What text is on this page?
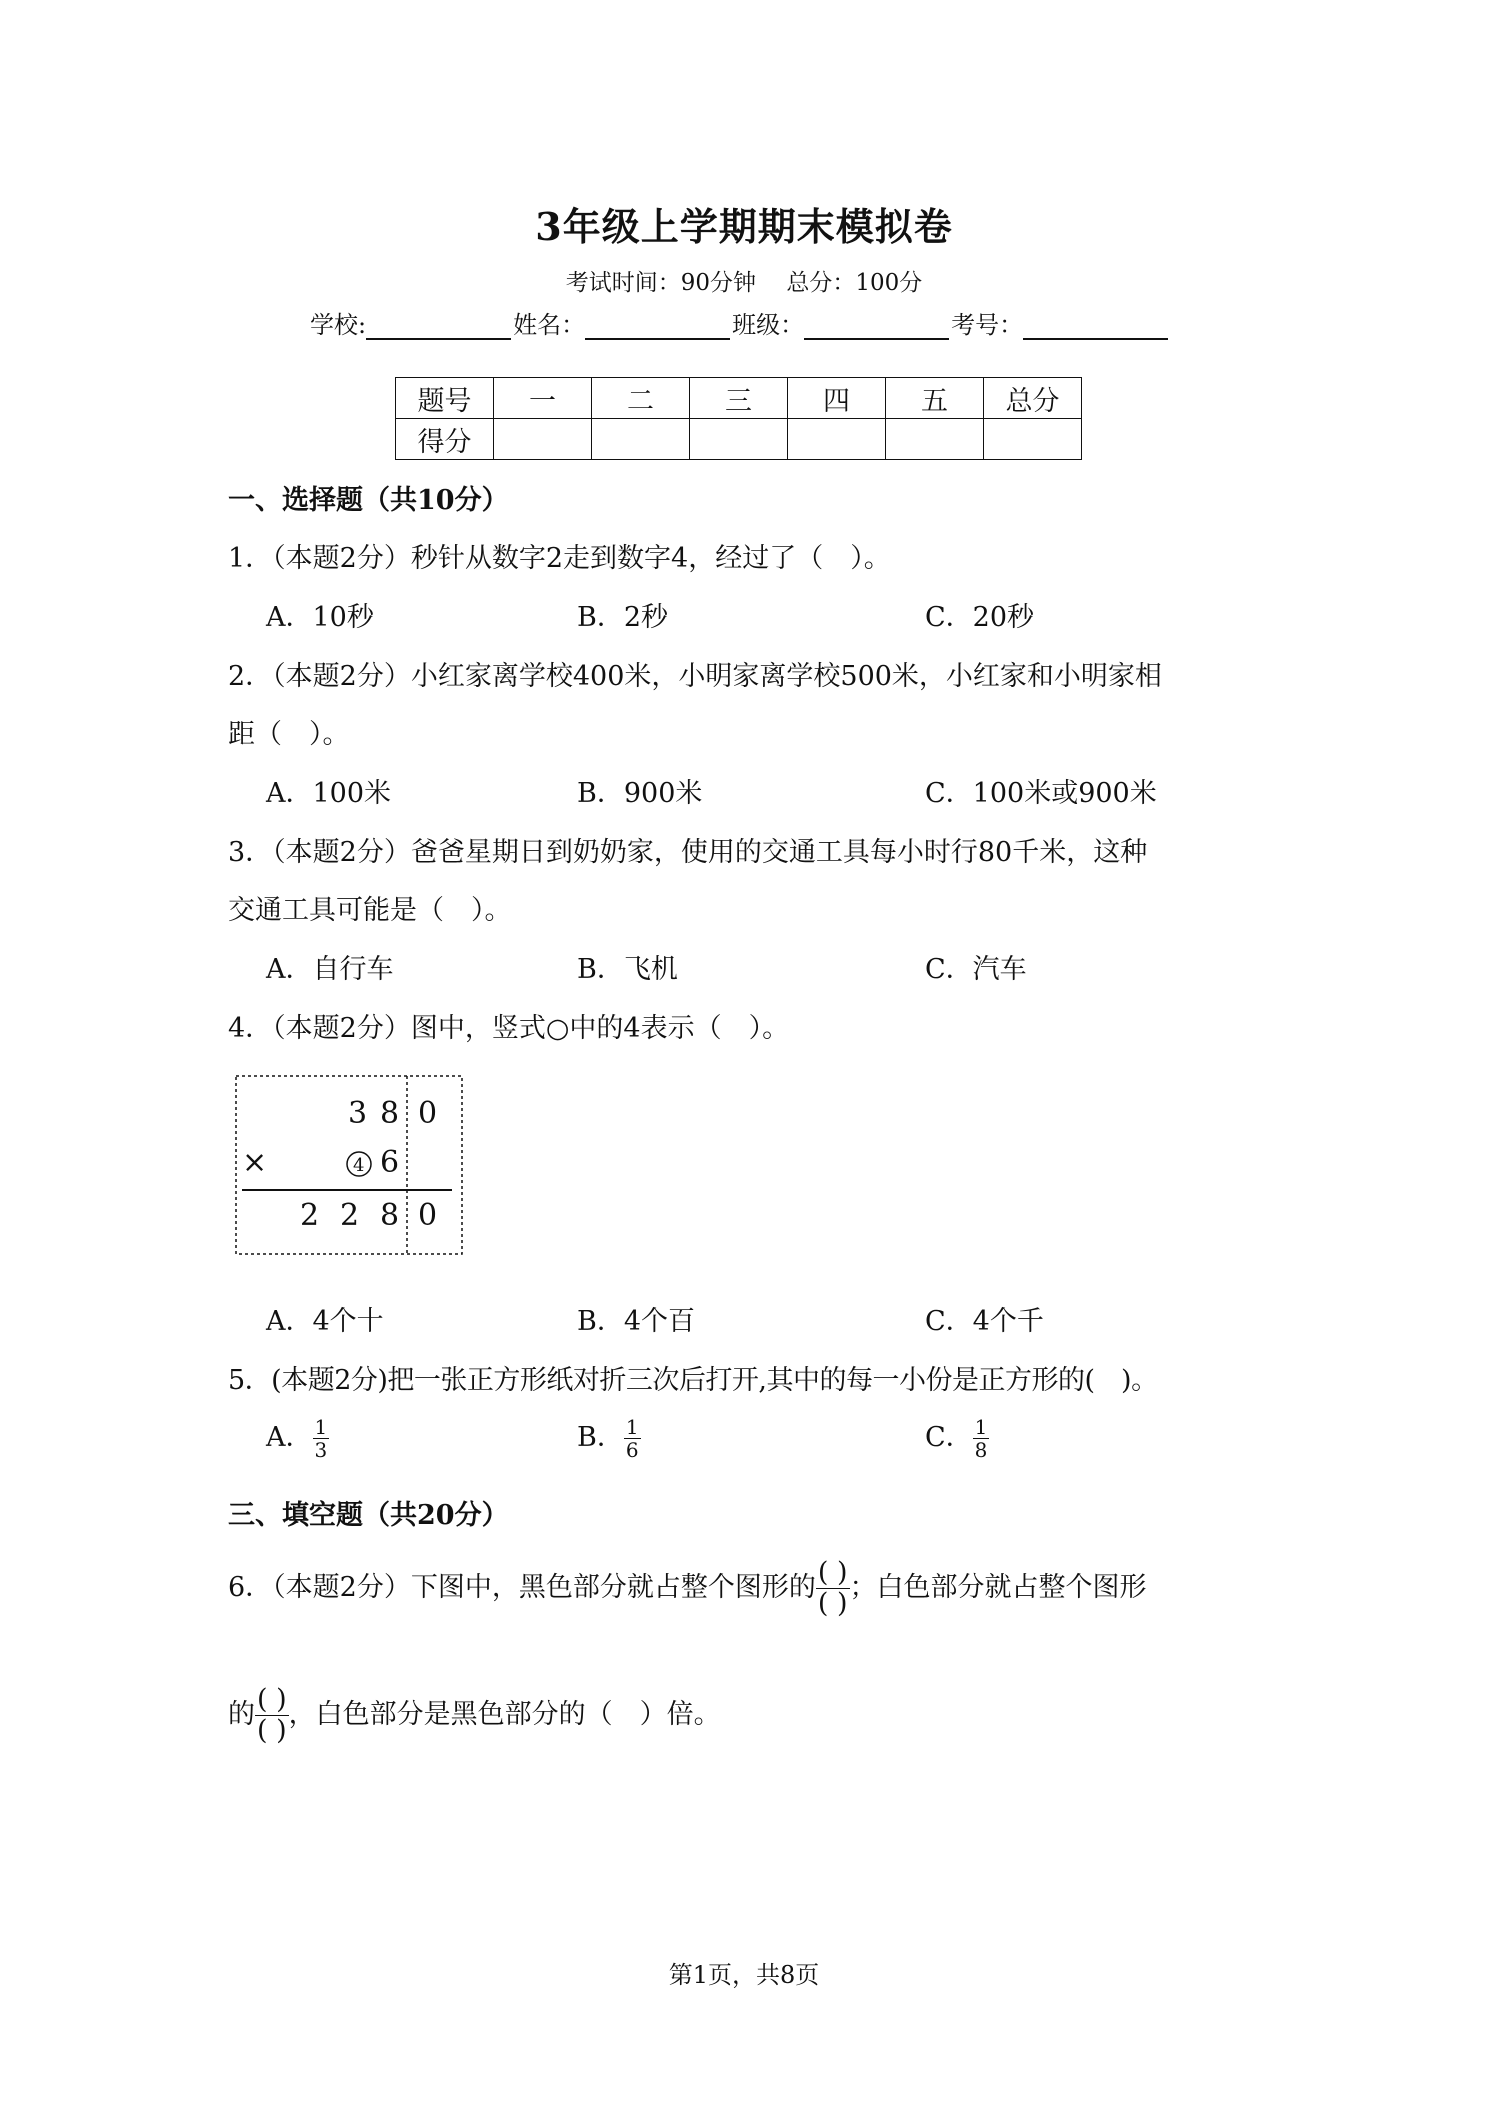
3年级上学期期末模拟卷
考试时间：90分钟　 总分：100分
学校:	姓名：	班级：	考号：
题号	一	二	三	四	五	总分
得分						
一、选择题（共10分）
1．（本题2分）秒针从数字2走到数字4，经过了（　）。
A．10秒	B．2秒	C．20秒
2．（本题2分）小红家离学校400米，小明家离学校500米，小红家和小明家相
距（　）。
A．100米	B．900米	C．100米或900米
3．（本题2分）爸爸星期日到奶奶家，使用的交通工具每小时行80千米，这种
交通工具可能是（　）。
A．自行车	B．飞机	C．汽车
4．（本题2分）图中，竖式○中的4表示（　）。
3 8 0
×	6
2 2 8 0
4
A．4个十	B．4个百	C．4个千
5．(本题2分)把一张正方形纸对折三次后打开,其中的每一小份是正方形的(　)。
A． $\frac{1}{3}$	B． $\frac{1}{6}$	C． $\frac{1}{8}$
三、填空题（共20分）
6．（本题2分）下图中，黑色部分就占整个图形的 ( )
( )
；白色部分就占整个图形
的 ( )
( )
，白色部分是黑色部分的（　）倍。
第1页，共8页
